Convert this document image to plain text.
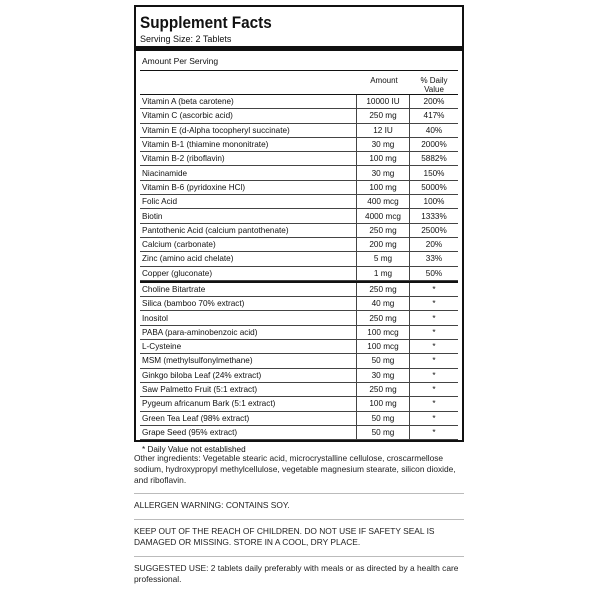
Supplement Facts
Serving Size: 2 Tablets
Amount Per Serving
Amount	% Daily
Value
Vitamin A (beta carotene)	10000 IU	200%
Vitamin C (ascorbic acid)	250 mg	417%
Vitamin E (d-Alpha tocopheryl succinate)	12 IU	40%
Vitamin B-1 (thiamine mononitrate)	30 mg	2000%
Vitamin B-2 (riboflavin)	100 mg	5882%
Niacinamide	30 mg	150%
Vitamin B-6 (pyridoxine HCl)	100 mg	5000%
Folic Acid	400 mcg	100%
Biotin	4000 mcg	1333%
Pantothenic Acid (calcium pantothenate)	250 mg	2500%
Calcium (carbonate)	200 mg	20%
Zinc (amino acid chelate)	5 mg	33%
Copper (gluconate)	1 mg	50%
Choline Bitartrate	250 mg	*
Silica (bamboo 70% extract)	40 mg	*
Inositol	250 mg	*
PABA (para-aminobenzoic acid)	100 mcg	*
L-Cysteine	100 mcg	*
MSM (methylsulfonylmethane)	50 mg	*
Ginkgo biloba Leaf (24% extract)	30 mg	*
Saw Palmetto Fruit (5:1 extract)	250 mg	*
Pygeum africanum Bark (5:1 extract)	100 mg	*
Green Tea Leaf (98% extract)	50 mg	*
Grape Seed (95% extract)	50 mg	*
* Daily Value not established
Other ingredients: Vegetable stearic acid, microcrystalline cellulose, croscarmellose sodium, hydroxypropyl methylcellulose, vegetable magnesium stearate, silicon dioxide, and riboflavin.
ALLERGEN WARNING: CONTAINS SOY.
KEEP OUT OF THE REACH OF CHILDREN. DO NOT USE IF SAFETY SEAL IS DAMAGED OR MISSING. STORE IN A COOL, DRY PLACE.
SUGGESTED USE: 2 tablets daily preferably with meals or as directed by a health care professional.
